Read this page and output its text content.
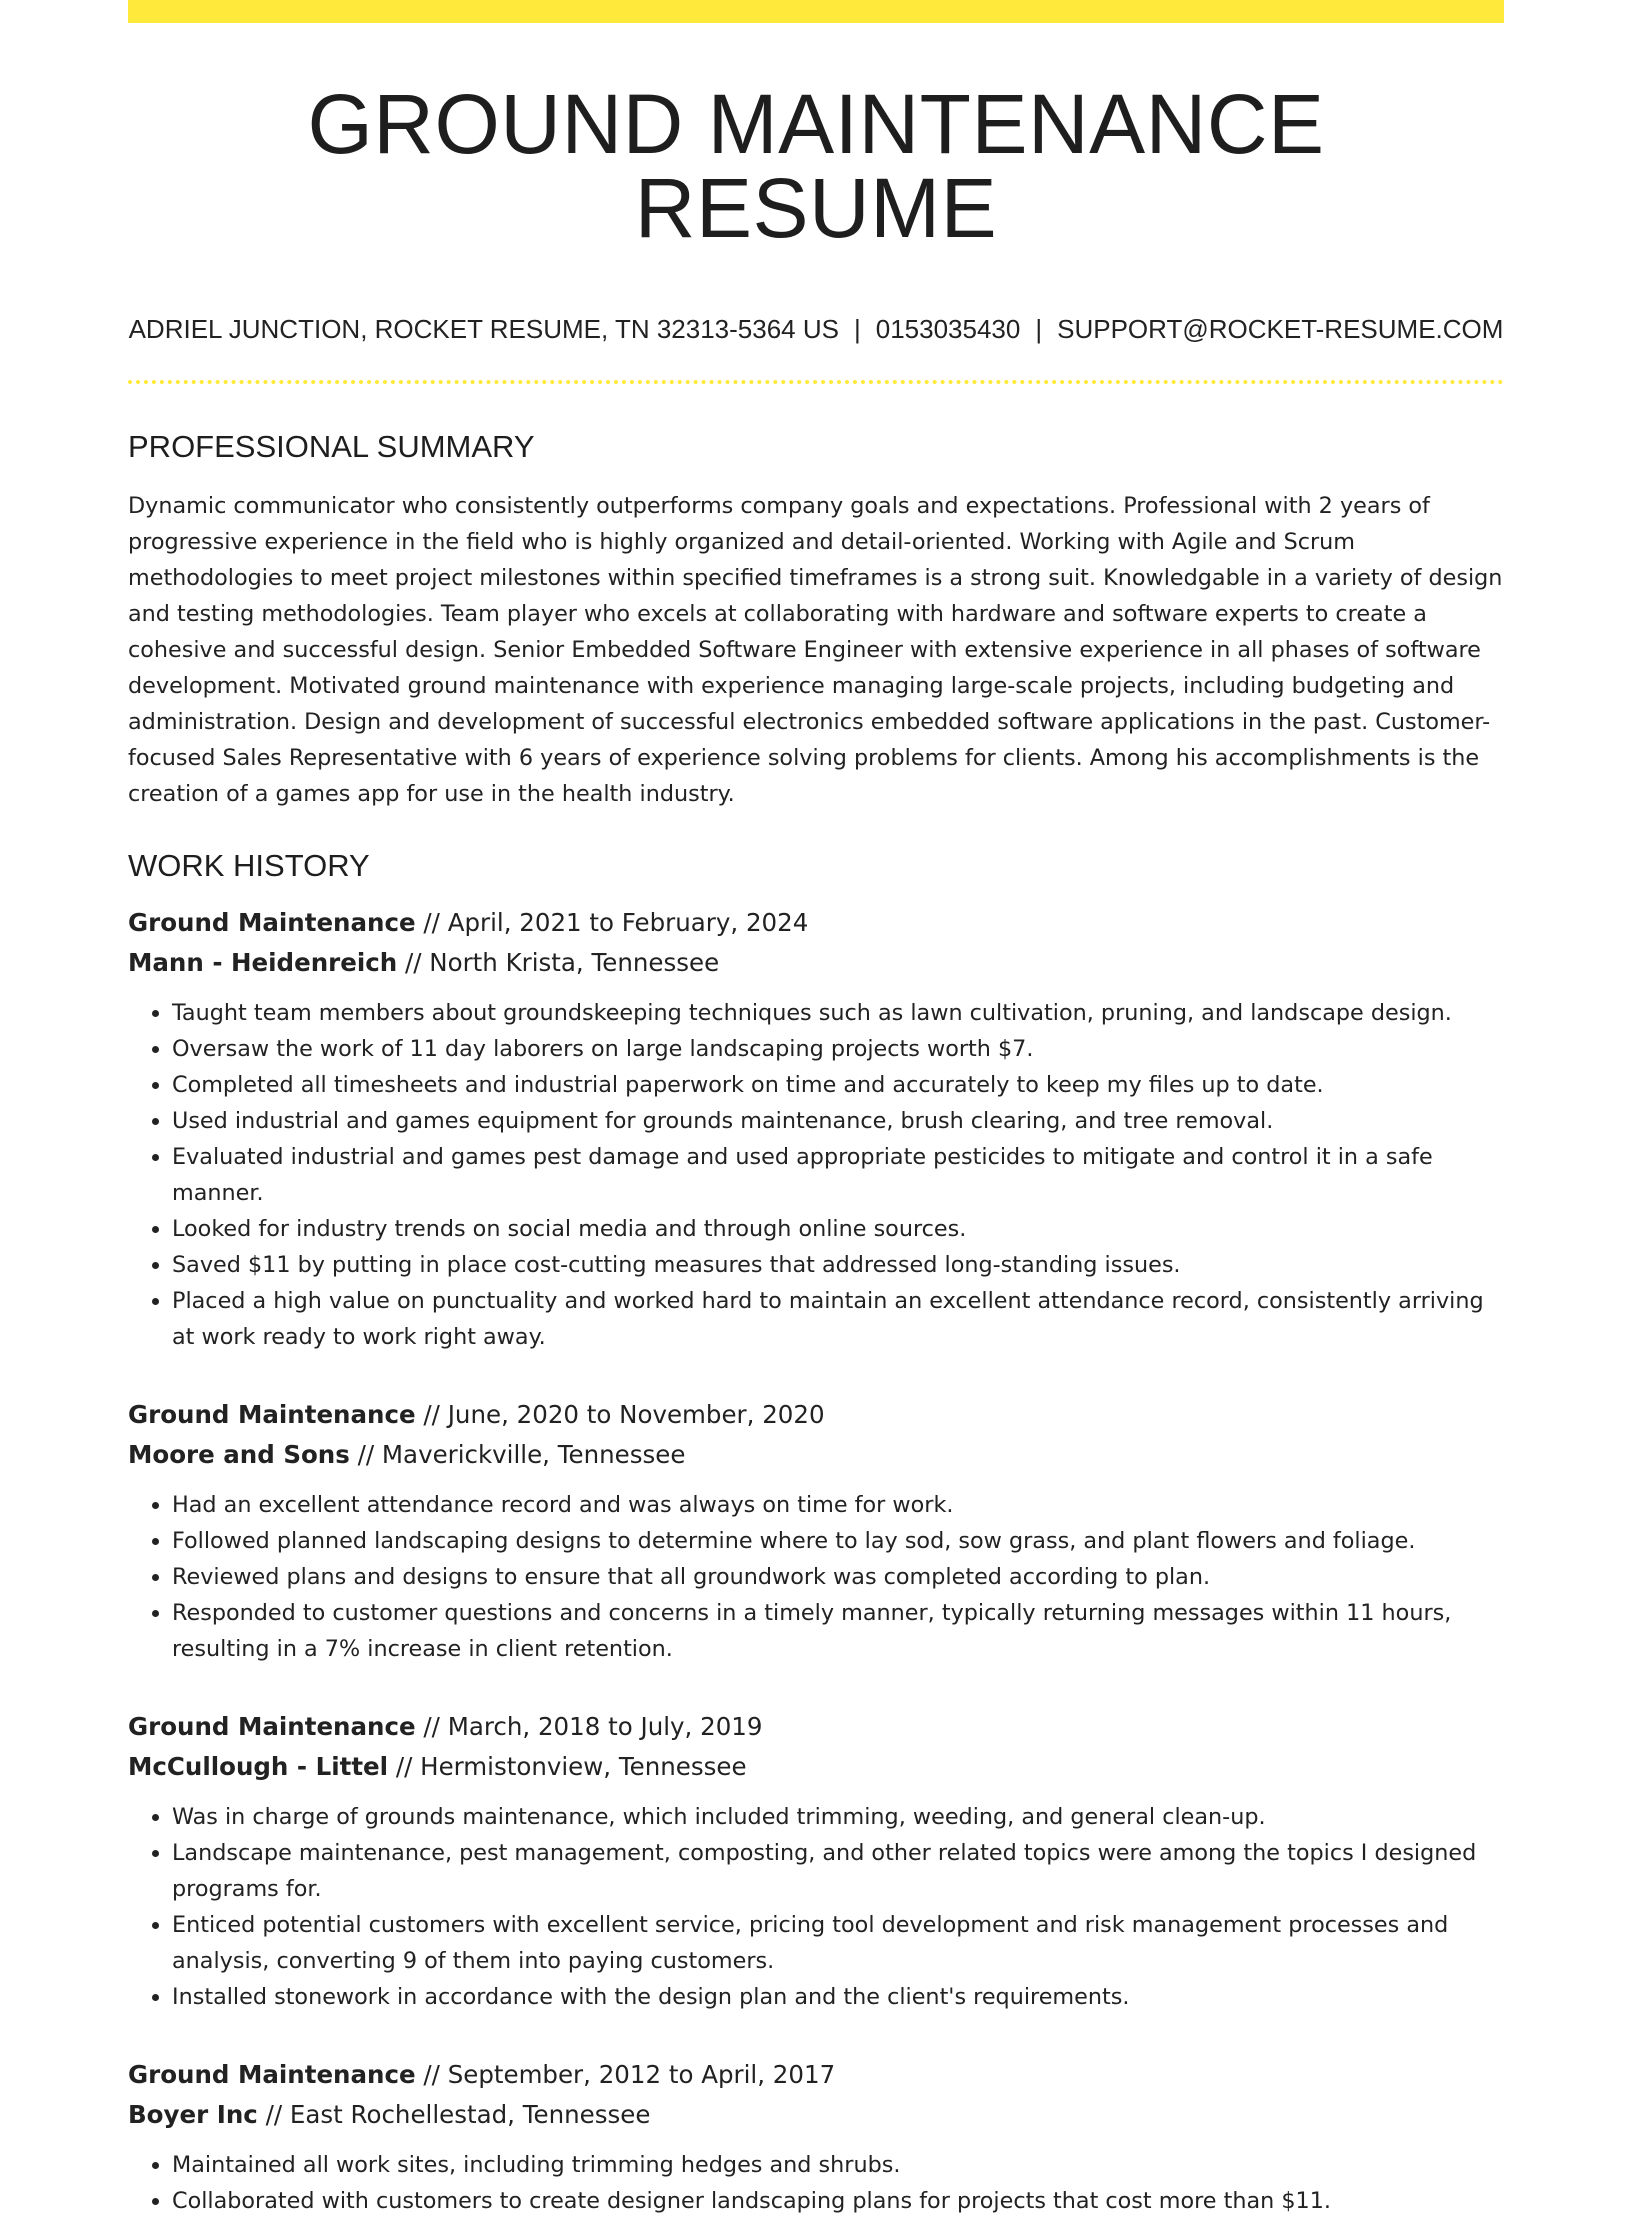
GROUND MAINTENANCE RESUME
ADRIEL JUNCTION, ROCKET RESUME, TN 32313-5364 US | 0153035430 | SUPPORT@ROCKET-RESUME.COM
PROFESSIONAL SUMMARY

Dynamic communicator who consistently outperforms company goals and expectations. Professional with 2 years of progressive experience in the field who is highly organized and detail-oriented. Working with Agile and Scrum methodologies to meet project milestones within specified timeframes is a strong suit. Knowledgable in a variety of design and testing methodologies. Team player who excels at collaborating with hardware and software experts to create a cohesive and successful design. Senior Embedded Software Engineer with extensive experience in all phases of software development. Motivated ground maintenance with experience managing large-scale projects, including budgeting and administration. Design and development of successful electronics embedded software applications in the past. Customer-focused Sales Representative with 6 years of experience solving problems for clients. Among his accomplishments is the creation of a games app for use in the health industry.

WORK HISTORY
Ground Maintenance // April, 2021 to February, 2024
Mann - Heidenreich // North Krista, Tennessee
• Taught team members about groundskeeping techniques such as lawn cultivation, pruning, and landscape design.
• Oversaw the work of 11 day laborers on large landscaping projects worth $7.
• Completed all timesheets and industrial paperwork on time and accurately to keep my files up to date.
• Used industrial and games equipment for grounds maintenance, brush clearing, and tree removal.
• Evaluated industrial and games pest damage and used appropriate pesticides to mitigate and control it in a safe manner.
• Looked for industry trends on social media and through online sources.
• Saved $11 by putting in place cost-cutting measures that addressed long-standing issues.
• Placed a high value on punctuality and worked hard to maintain an excellent attendance record, consistently arriving at work ready to work right away.
Ground Maintenance // June, 2020 to November, 2020
Moore and Sons // Maverickville, Tennessee
• Had an excellent attendance record and was always on time for work.
• Followed planned landscaping designs to determine where to lay sod, sow grass, and plant flowers and foliage.
• Reviewed plans and designs to ensure that all groundwork was completed according to plan.
• Responded to customer questions and concerns in a timely manner, typically returning messages within 11 hours, resulting in a 7% increase in client retention.
Ground Maintenance // March, 2018 to July, 2019
McCullough - Littel // Hermistonview, Tennessee
• Was in charge of grounds maintenance, which included trimming, weeding, and general clean-up.
• Landscape maintenance, pest management, composting, and other related topics were among the topics I designed programs for.
• Enticed potential customers with excellent service, pricing tool development and risk management processes and analysis, converting 9 of them into paying customers.
• Installed stonework in accordance with the design plan and the client's requirements.
Ground Maintenance // September, 2012 to April, 2017
Boyer Inc // East Rochellestad, Tennessee
• Maintained all work sites, including trimming hedges and shrubs.
• Collaborated with customers to create designer landscaping plans for projects that cost more than $11.
